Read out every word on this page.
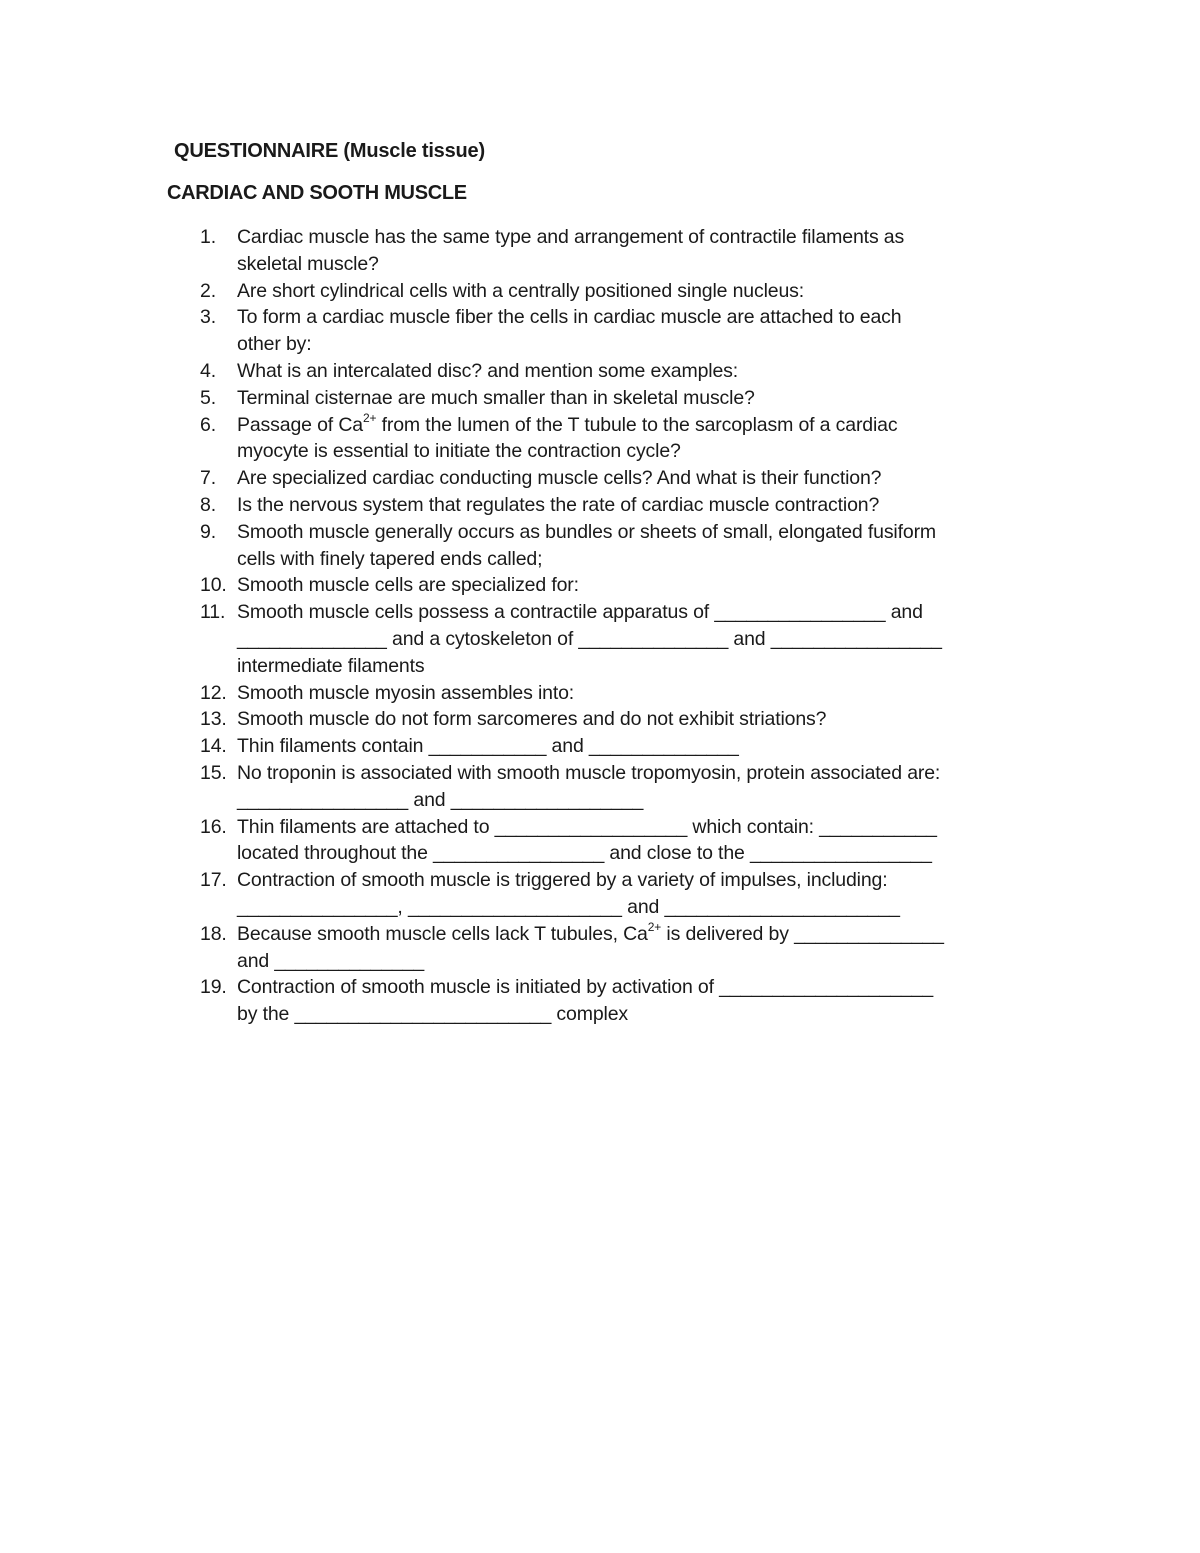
QUESTIONNAIRE (Muscle tissue)
CARDIAC AND SOOTH MUSCLE
1. Cardiac muscle has the same type and arrangement of contractile filaments as
skeletal muscle?
2. Are short cylindrical cells with a centrally positioned single nucleus:
3. To form a cardiac muscle fiber the cells in cardiac muscle are attached to each
other by:
4. What is an intercalated disc? and mention some examples:
5. Terminal cisternae are much smaller than in skeletal muscle?
6. Passage of $Ca^{2+}$ from the lumen of the T tubule to the sarcoplasm of a cardiac
myocyte is essential to initiate the contraction cycle?
7. Are specialized cardiac conducting muscle cells? And what is their function?
8. Is the nervous system that regulates the rate of cardiac muscle contraction?
9. Smooth muscle generally occurs as bundles or sheets of small, elongated fusiform
cells with finely tapered ends called;
10. Smooth muscle cells are specialized for:
11. Smooth muscle cells possess a contractile apparatus of ________________ and
______________ and a cytoskeleton of ______________ and ________________
intermediate filaments
12. Smooth muscle myosin assembles into:
13. Smooth muscle do not form sarcomeres and do not exhibit striations?
14. Thin filaments contain ___________ and ______________
15. No troponin is associated with smooth muscle tropomyosin, protein associated are:
________________ and __________________
16. Thin filaments are attached to __________________ which contain: ___________
located throughout the ________________ and close to the _________________
17. Contraction of smooth muscle is triggered by a variety of impulses, including:
_______________, ____________________ and ______________________
18. Because smooth muscle cells lack T tubules, $Ca^{2+}$ is delivered by ______________
and ______________
19. Contraction of smooth muscle is initiated by activation of ____________________
by the ________________________ complex
